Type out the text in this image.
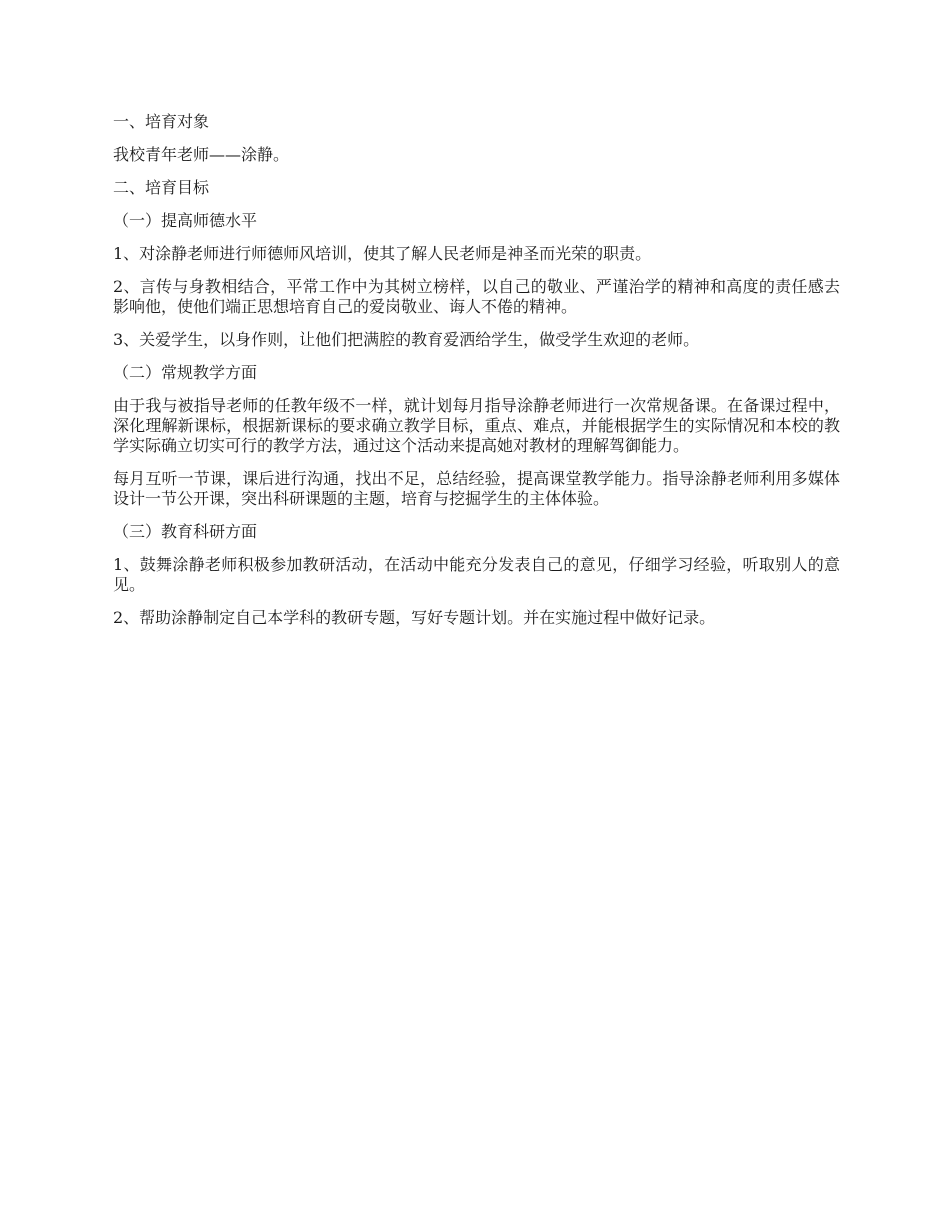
一、培育对象

我校青年老师——涂静。

二、培育目标

（一）提高师德水平

1、对涂静老师进行师德师风培训，使其了解人民老师是神圣而光荣的职责。

2、言传与身教相结合，平常工作中为其树立榜样，以自己的敬业、严谨治学的精神和高度的责任感去影响他，使他们端正思想培育自己的爱岗敬业、诲人不倦的精神。

3、关爱学生，以身作则，让他们把满腔的教育爱洒给学生，做受学生欢迎的老师。

（二）常规教学方面

由于我与被指导老师的任教年级不一样，就计划每月指导涂静老师进行一次常规备课。在备课过程中，深化理解新课标，根据新课标的要求确立教学目标，重点、难点，并能根据学生的实际情况和本校的教学实际确立切实可行的教学方法，通过这个活动来提高她对教材的理解驾御能力。

每月互听一节课，课后进行沟通，找出不足，总结经验，提高课堂教学能力。指导涂静老师利用多媒体设计一节公开课，突出科研课题的主题，培育与挖掘学生的主体体验。

（三）教育科研方面

1、鼓舞涂静老师积极参加教研活动，在活动中能充分发表自己的意见，仔细学习经验，听取别人的意见。

2、帮助涂静制定自己本学科的教研专题，写好专题计划。并在实施过程中做好记录。
